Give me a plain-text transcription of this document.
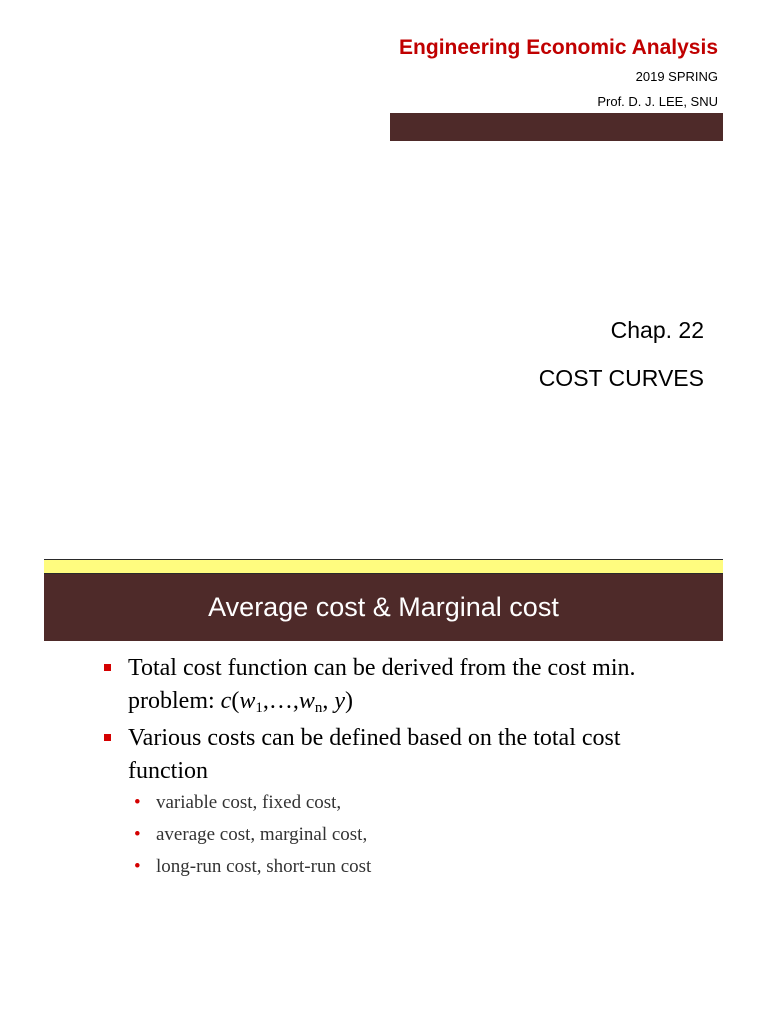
Engineering Economic Analysis
2019 SPRING
Prof. D. J. LEE, SNU
Chap. 22
COST CURVES
Average cost & Marginal cost
Total cost function can be derived from the cost min. problem: $c(w_1,\dots,w_n$, y)
Various costs can be defined based on the total cost function
• variable cost, fixed cost,
• average cost, marginal cost,
• long-run cost, short-run cost
